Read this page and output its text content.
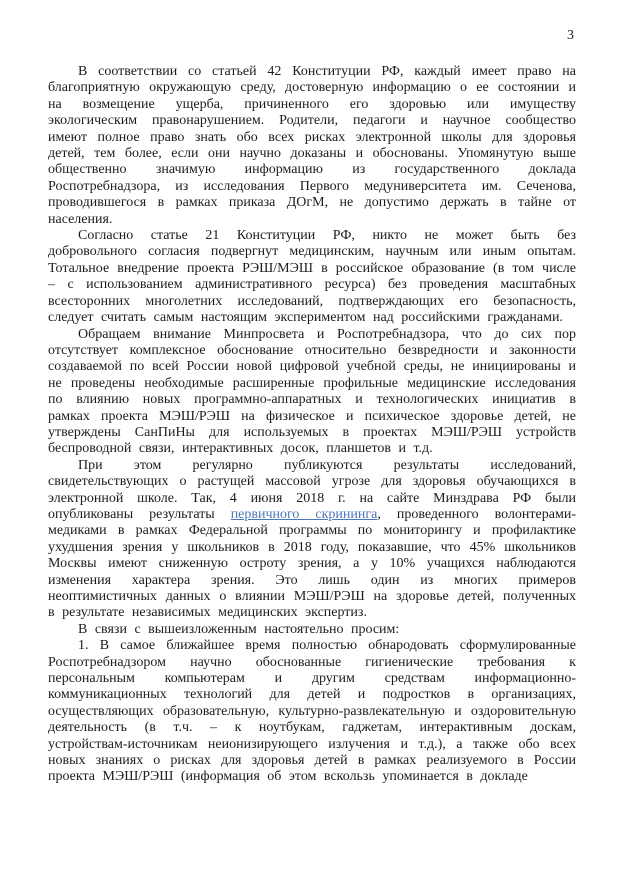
3

В соответствии со статьей 42 Конституции РФ, каждый имеет право на благоприятную окружающую среду, достоверную информацию о ее состоянии и на возмещение ущерба, причиненного его здоровью или имуществу экологическим правонарушением. Родители, педагоги и научное сообщество имеют полное право знать обо всех рисках электронной школы для здоровья детей, тем более, если они научно доказаны и обоснованы. Упомянутую выше общественно значимую информацию из государственного доклада Роспотребнадзора, из исследования Первого медуниверситета им. Сеченова, проводившегося в рамках приказа ДОгМ, не допустимо держать в тайне от населения.

Согласно статье 21 Конституции РФ, никто не может быть без добровольного согласия подвергнут медицинским, научным или иным опытам. Тотальное внедрение проекта РЭШ/МЭШ в российское образование (в том числе – с использованием административного ресурса) без проведения масштабных всесторонних многолетних исследований, подтверждающих его безопасность, следует считать самым настоящим экспериментом над российскими гражданами.

Обращаем внимание Минпросвета и Роспотребнадзора, что до сих пор отсутствует комплексное обоснование относительно безвредности и законности создаваемой по всей России новой цифровой учебной среды, не инициированы и не проведены необходимые расширенные профильные медицинские исследования по влиянию новых программно-аппаратных и технологических инициатив в рамках проекта МЭШ/РЭШ на физическое и психическое здоровье детей, не утверждены СанПиНы для используемых в проектах МЭШ/РЭШ устройств беспроводной связи, интерактивных досок, планшетов и т.д.

При этом регулярно публикуются результаты исследований, свидетельствующих о растущей массовой угрозе для здоровья обучающихся в электронной школе. Так, 4 июня 2018 г. на сайте Минздрава РФ были опубликованы результаты первичного скрининга, проведенного волонтерами-медиками в рамках Федеральной программы по мониторингу и профилактике ухудшения зрения у школьников в 2018 году, показавшие, что 45% школьников Москвы имеют сниженную остроту зрения, а у 10% учащихся наблюдаются изменения характера зрения. Это лишь один из многих примеров неоптимистичных данных о влиянии МЭШ/РЭШ на здоровье детей, полученных в результате независимых медицинских экспертиз.

В связи с вышеизложенным настоятельно просим:

1. В самое ближайшее время полностью обнародовать сформулированные Роспотребнадзором научно обоснованные гигиенические требования к персональным компьютерам и другим средствам информационно-коммуникационных технологий для детей и подростков в организациях, осуществляющих образовательную, культурно-развлекательную и оздоровительную деятельность (в т.ч. – к ноутбукам, гаджетам, интерактивным доскам, устройствам-источникам неионизирующего излучения и т.д.), а также обо всех новых знаниях о рисках для здоровья детей в рамках реализуемого в России проекта МЭШ/РЭШ (информация об этом вскользь упоминается в докладе
